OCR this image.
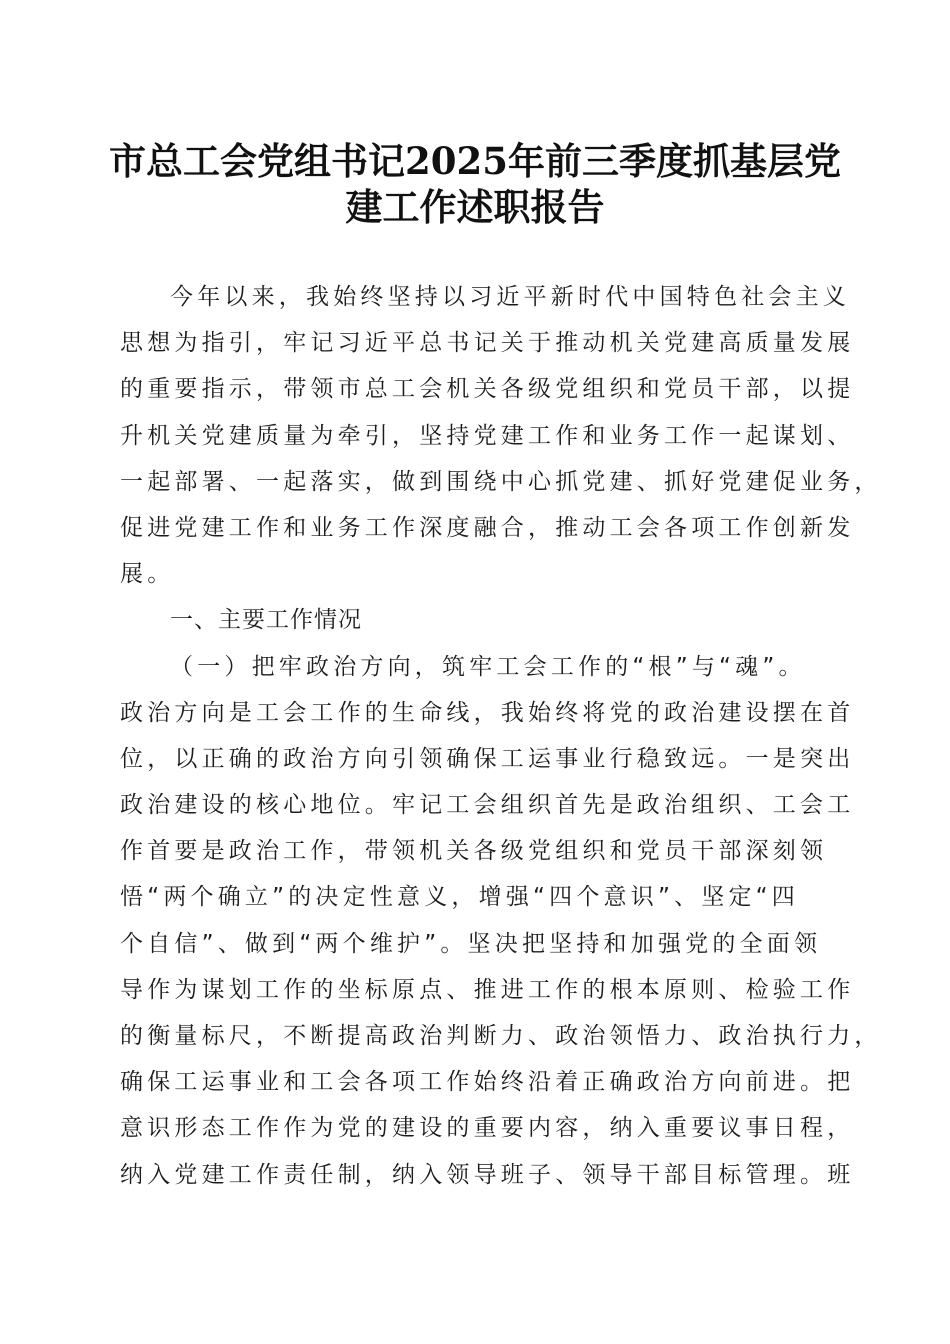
市总工会党组书记2025年前三季度抓基层党
建工作述职报告
今年以来，我始终坚持以习近平新时代中国特色社会主义
思想为指引，牢记习近平总书记关于推动机关党建高质量发展
的重要指示，带领市总工会机关各级党组织和党员干部，以提
升机关党建质量为牵引，坚持党建工作和业务工作一起谋划、
一起部署、一起落实，做到围绕中心抓党建、抓好党建促业务，
促进党建工作和业务工作深度融合，推动工会各项工作创新发
展。
一、主要工作情况
（一）把牢政治方向，筑牢工会工作的“根”与“魂”。
政治方向是工会工作的生命线，我始终将党的政治建设摆在首
位，以正确的政治方向引领确保工运事业行稳致远。一是突出
政治建设的核心地位。牢记工会组织首先是政治组织、工会工
作首要是政治工作，带领机关各级党组织和党员干部深刻领
悟“两个确立”的决定性意义，增强“四个意识”、坚定“四
个自信”、做到“两个维护”。坚决把坚持和加强党的全面领
导作为谋划工作的坐标原点、推进工作的根本原则、检验工作
的衡量标尺，不断提高政治判断力、政治领悟力、政治执行力，
确保工运事业和工会各项工作始终沿着正确政治方向前进。把
意识形态工作作为党的建设的重要内容，纳入重要议事日程，
纳入党建工作责任制，纳入领导班子、领导干部目标管理。班
